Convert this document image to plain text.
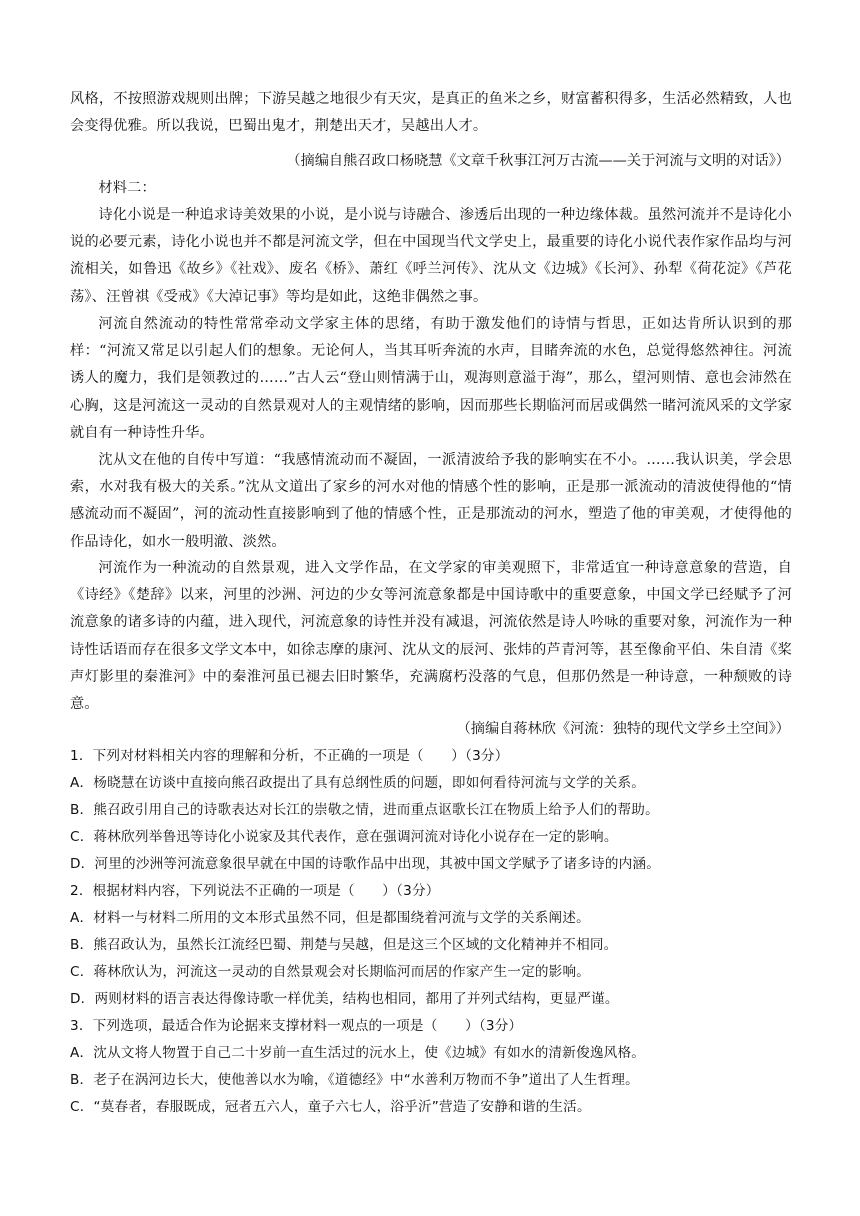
风格，不按照游戏规则出牌；下游吴越之地很少有天灾，是真正的鱼米之乡，财富蓄积得多，生活必然精致，人也会变得优雅。所以我说，巴蜀出鬼才，荆楚出天才，吴越出人才。

（摘编自熊召政口杨晓慧《文章千秋事江河万古流——关于河流与文明的对话》）

材料二：

诗化小说是一种追求诗美效果的小说，是小说与诗融合、渗透后出现的一种边缘体裁。虽然河流并不是诗化小说的必要元素，诗化小说也并不都是河流文学，但在中国现当代文学史上，最重要的诗化小说代表作家作品均与河流相关，如鲁迅《故乡》《社戏》、废名《桥》、萧红《呼兰河传》、沈从文《边城》《长河》、孙犁《荷花淀》《芦花荡》、汪曾祺《受戒》《大淖记事》等均是如此，这绝非偶然之事。

河流自然流动的特性常常牵动文学家主体的思绪，有助于激发他们的诗情与哲思，正如达肯所认识到的那样：“河流又常足以引起人们的想象。无论何人，当其耳听奔流的水声，目睹奔流的水色，总觉得悠然神往。河流诱人的魔力，我们是领教过的……”古人云“登山则情满于山，观海则意溢于海”，那么，望河则情、意也会沛然在心胸，这是河流这一灵动的自然景观对人的主观情绪的影响，因而那些长期临河而居或偶然一睹河流风采的文学家就自有一种诗性升华。

沈从文在他的自传中写道：“我感情流动而不凝固，一派清波给予我的影响实在不小。……我认识美，学会思索，水对我有极大的关系。”沈从文道出了家乡的河水对他的情感个性的影响，正是那一派流动的清波使得他的“情感流动而不凝固”，河的流动性直接影响到了他的情感个性，正是那流动的河水，塑造了他的审美观，才使得他的作品诗化，如水一般明澈、淡然。

河流作为一种流动的自然景观，进入文学作品，在文学家的审美观照下，非常适宜一种诗意意象的营造，自《诗经》《楚辞》以来，河里的沙洲、河边的少女等河流意象都是中国诗歌中的重要意象，中国文学已经赋予了河流意象的诸多诗的内蕴，进入现代，河流意象的诗性并没有减退，河流依然是诗人吟咏的重要对象，河流作为一种诗性话语而存在很多文学文本中，如徐志摩的康河、沈从文的辰河、张炜的芦青河等，甚至像俞平伯、朱自清《桨声灯影里的秦淮河》中的秦淮河虽已褪去旧时繁华，充满腐朽没落的气息，但那仍然是一种诗意，一种颓败的诗意。

（摘编自蒋林欣《河流：独特的现代文学乡土空间》）

1．下列对材料相关内容的理解和分析，不正确的一项是（　　）（3分）

A．杨晓慧在访谈中直接向熊召政提出了具有总纲性质的问题，即如何看待河流与文学的关系。

B．熊召政引用自己的诗歌表达对长江的崇敬之情，进而重点讴歌长江在物质上给予人们的帮助。

C．蒋林欣列举鲁迅等诗化小说家及其代表作，意在强调河流对诗化小说存在一定的影响。

D．河里的沙洲等河流意象很早就在中国的诗歌作品中出现，其被中国文学赋予了诸多诗的内涵。

2．根据材料内容，下列说法不正确的一项是（　　）（3分）

A．材料一与材料二所用的文本形式虽然不同，但是都围绕着河流与文学的关系阐述。

B．熊召政认为，虽然长江流经巴蜀、荆楚与吴越，但是这三个区域的文化精神并不相同。

C．蒋林欣认为，河流这一灵动的自然景观会对长期临河而居的作家产生一定的影响。

D．两则材料的语言表达得像诗歌一样优美，结构也相同，都用了并列式结构，更显严谨。

3．下列选项，最适合作为论据来支撑材料一观点的一项是（　　）（3分）

A．沈从文将人物置于自己二十岁前一直生活过的沅水上，使《边城》有如水的清新俊逸风格。

B．老子在涡河边长大，使他善以水为喻，《道德经》中“水善利万物而不争”道出了人生哲理。

C．“莫春者，春服既成，冠者五六人，童子六七人，浴乎沂”营造了安静和谐的生活。
